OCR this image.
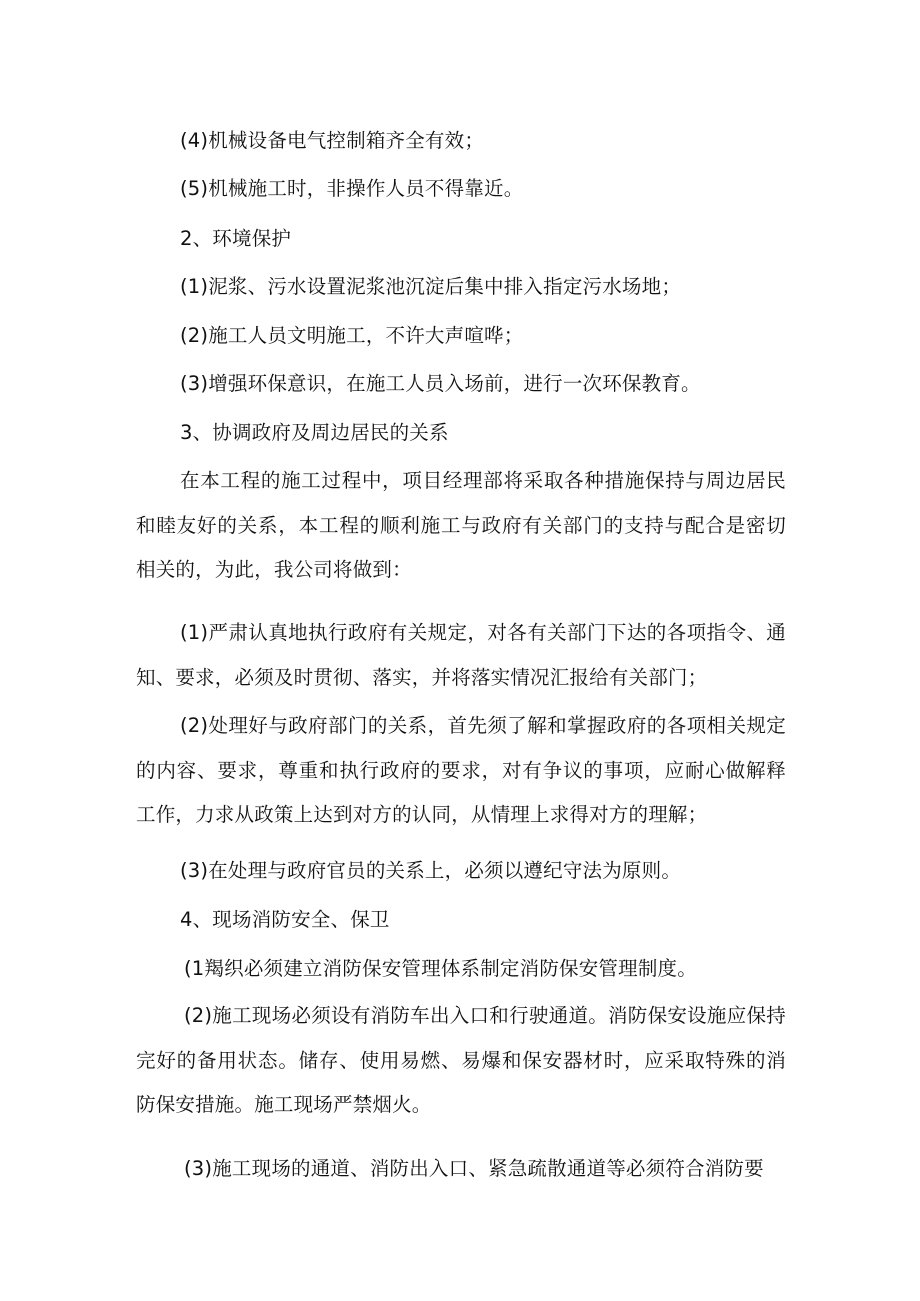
(4)机械设备电气控制箱齐全有效；
(5)机械施工时，非操作人员不得靠近。
2、环境保护
(1)泥浆、污水设置泥浆池沉淀后集中排入指定污水场地；
(2)施工人员文明施工，不许大声喧哗；
(3)增强环保意识，在施工人员入场前，进行一次环保教育。
3、协调政府及周边居民的关系
在本工程的施工过程中，项目经理部将采取各种措施保持与周边居民和睦友好的关系，本工程的顺利施工与政府有关部门的支持与配合是密切相关的，为此，我公司将做到：
(1)严肃认真地执行政府有关规定，对各有关部门下达的各项指令、通知、要求，必须及时贯彻、落实，并将落实情况汇报给有关部门；
(2)处理好与政府部门的关系，首先须了解和掌握政府的各项相关规定的内容、要求，尊重和执行政府的要求，对有争议的事项，应耐心做解释工作，力求从政策上达到对方的认同，从情理上求得对方的理解；
(3)在处理与政府官员的关系上，必须以遵纪守法为原则。
4、现场消防安全、保卫
(1羯织必须建立消防保安管理体系制定消防保安管理制度。
(2)施工现场必须设有消防车出入口和行驶通道。消防保安设施应保持完好的备用状态。储存、使用易燃、易爆和保安器材时，应采取特殊的消防保安措施。施工现场严禁烟火。
(3)施工现场的通道、消防出入口、紧急疏散通道等必须符合消防要
